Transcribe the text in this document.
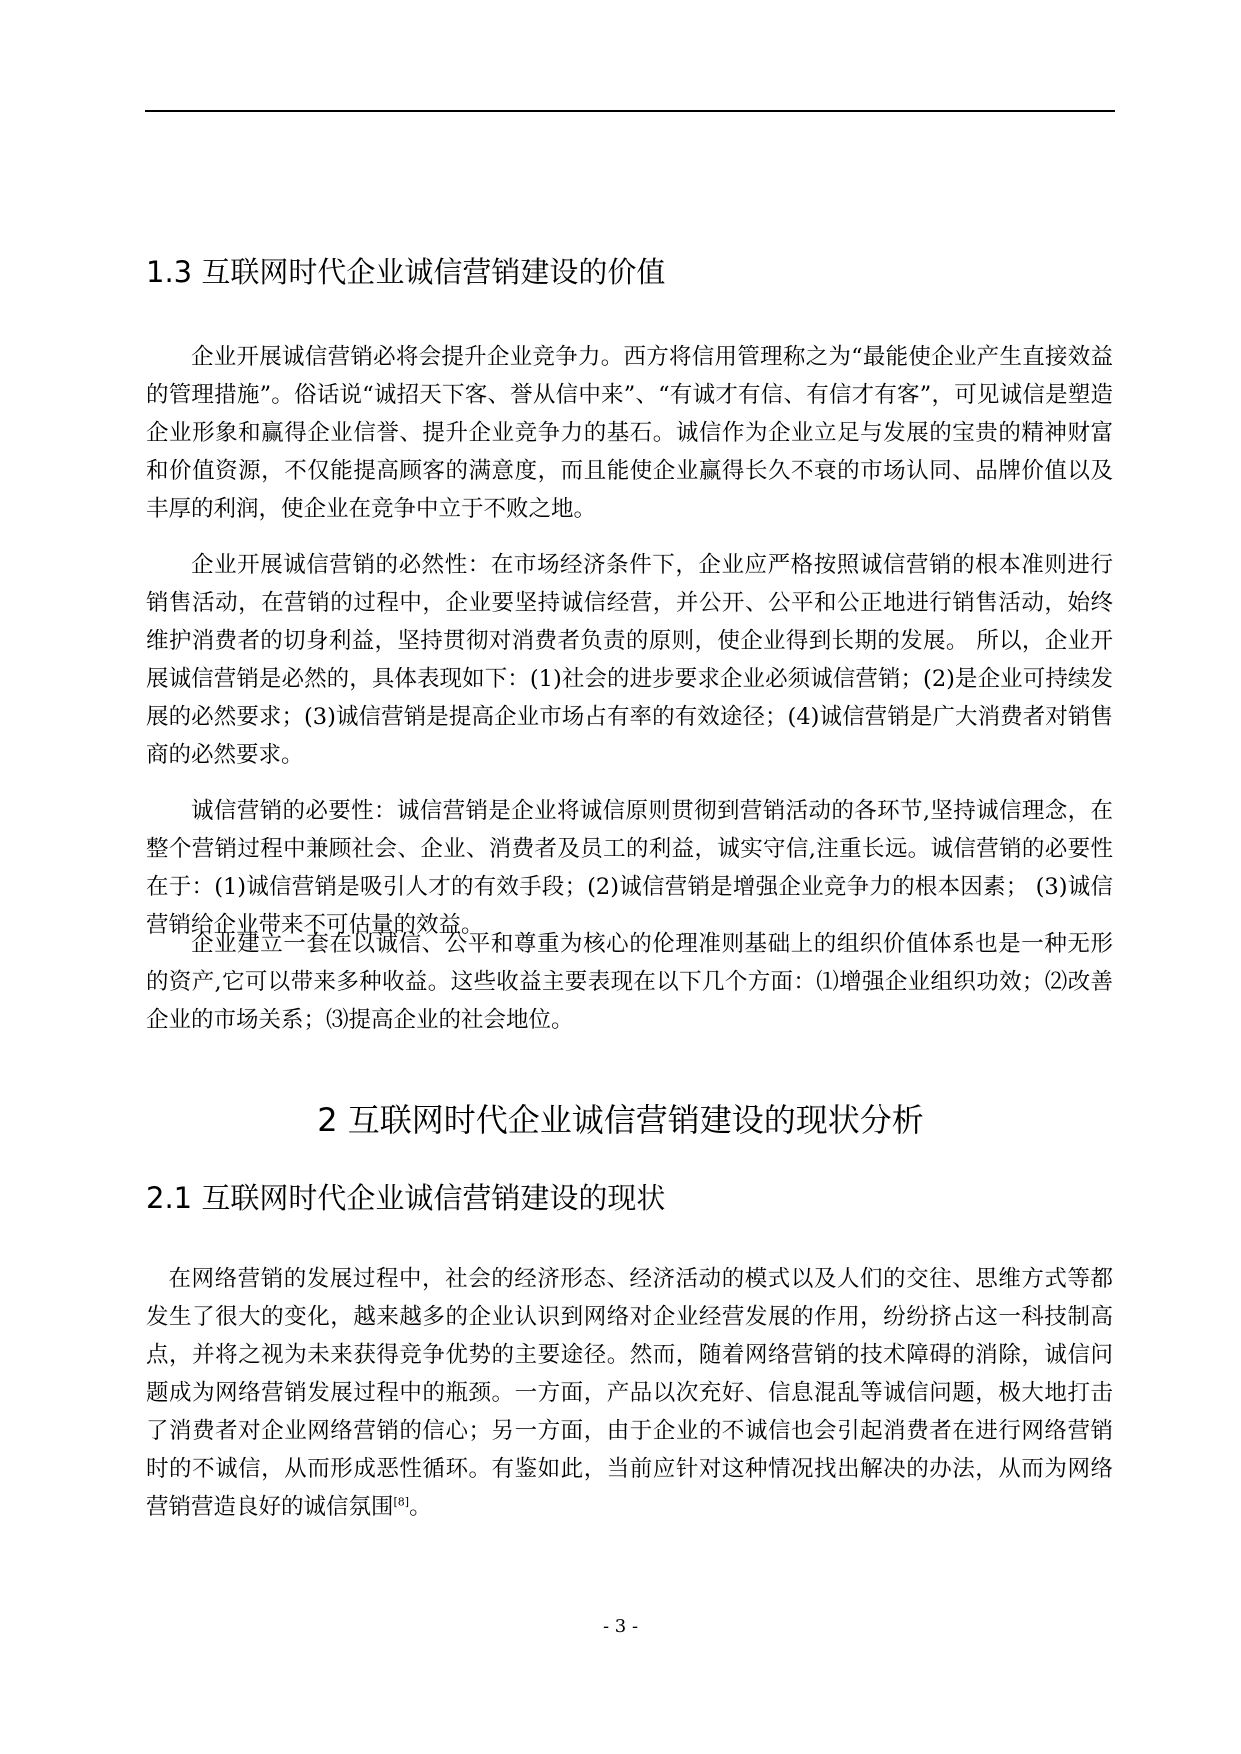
1.3 互联网时代企业诚信营销建设的价值

企业开展诚信营销必将会提升企业竞争力。西方将信用管理称之为“最能使企业产生直接效益的管理措施”。俗话说“诚招天下客、誉从信中来”、“有诚才有信、有信才有客”，可见诚信是塑造企业形象和赢得企业信誉、提升企业竞争力的基石。诚信作为企业立足与发展的宝贵的精神财富和价值资源，不仅能提高顾客的满意度，而且能使企业赢得长久不衰的市场认同、品牌价值以及丰厚的利润，使企业在竞争中立于不败之地。

企业开展诚信营销的必然性：在市场经济条件下，企业应严格按照诚信营销的根本准则进行销售活动，在营销的过程中，企业要坚持诚信经营，并公开、公平和公正地进行销售活动，始终维护消费者的切身利益，坚持贯彻对消费者负责的原则，使企业得到长期的发展。 所以，企业开展诚信营销是必然的，具体表现如下：(1)社会的进步要求企业必须诚信营销；(2)是企业可持续发展的必然要求；(3)诚信营销是提高企业市场占有率的有效途径；(4)诚信营销是广大消费者对销售商的必然要求。

诚信营销的必要性：诚信营销是企业将诚信原则贯彻到营销活动的各环节,坚持诚信理念，在整个营销过程中兼顾社会、企业、消费者及员工的利益，诚实守信,注重长远。诚信营销的必要性在于：(1)诚信营销是吸引人才的有效手段；(2)诚信营销是增强企业竞争力的根本因素； (3)诚信营销给企业带来不可估量的效益。

企业建立一套在以诚信、公平和尊重为核心的伦理准则基础上的组织价值体系也是一种无形的资产,它可以带来多种收益。这些收益主要表现在以下几个方面：⑴增强企业组织功效；⑵改善企业的市场关系；⑶提高企业的社会地位。

2 互联网时代企业诚信营销建设的现状分析
2.1 互联网时代企业诚信营销建设的现状

在网络营销的发展过程中，社会的经济形态、经济活动的模式以及人们的交往、思维方式等都发生了很大的变化，越来越多的企业认识到网络对企业经营发展的作用，纷纷挤占这一科技制高点，并将之视为未来获得竞争优势的主要途径。然而，随着网络营销的技术障碍的消除，诚信问题成为网络营销发展过程中的瓶颈。一方面，产品以次充好、信息混乱等诚信问题，极大地打击了消费者对企业网络营销的信心；另一方面，由于企业的不诚信也会引起消费者在进行网络营销时的不诚信，从而形成恶性循环。有鉴如此，当前应针对这种情况找出解决的办法，从而为网络营销营造良好的诚信氛围[8]。

- 3 -
